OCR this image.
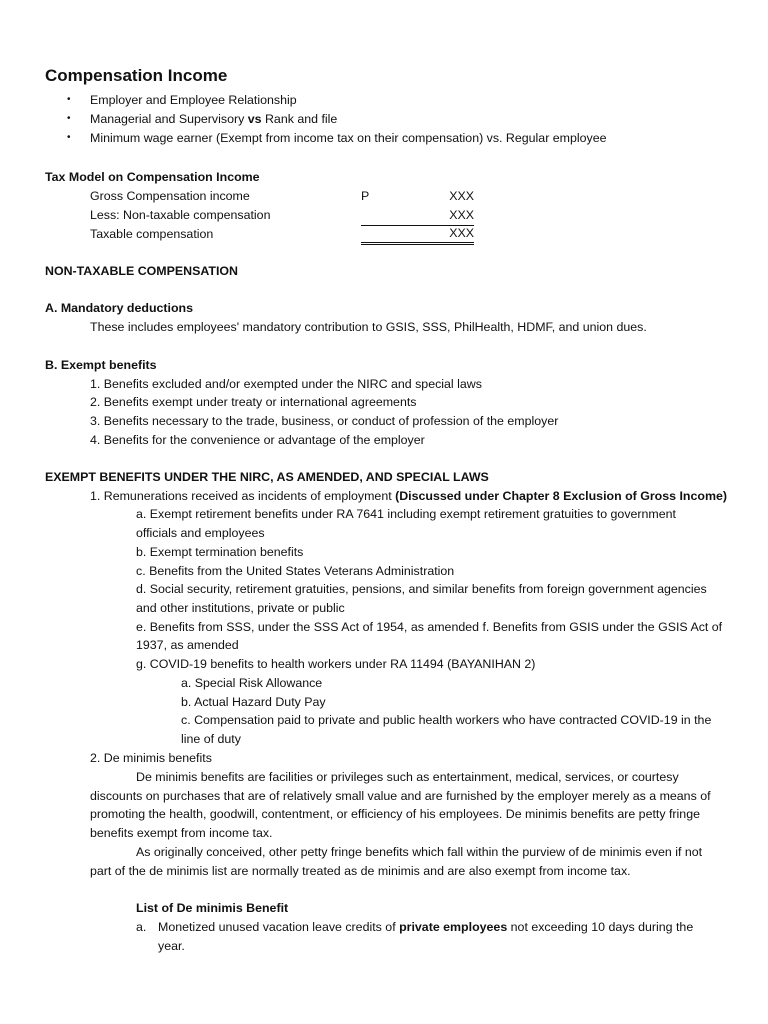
Compensation Income
• Employer and Employee Relationship
• Managerial and Supervisory vs Rank and file
• Minimum wage earner (Exempt from income tax on their compensation) vs. Regular employee
Tax Model on Compensation Income
Gross Compensation income	P	XXX
Less: Non-taxable compensation	XXX
Taxable compensation	XXX
NON-TAXABLE COMPENSATION
A. Mandatory deductions
These includes employees' mandatory contribution to GSIS, SSS, PhilHealth, HDMF, and union dues.
B. Exempt benefits
1. Benefits excluded and/or exempted under the NIRC and special laws
2. Benefits exempt under treaty or international agreements
3. Benefits necessary to the trade, business, or conduct of profession of the employer
4. Benefits for the convenience or advantage of the employer
EXEMPT BENEFITS UNDER THE NIRC, AS AMENDED, AND SPECIAL LAWS
1. Remunerations received as incidents of employment (Discussed under Chapter 8 Exclusion of Gross Income)
a. Exempt retirement benefits under RA 7641 including exempt retirement gratuities to government
officials and employees
b. Exempt termination benefits
c. Benefits from the United States Veterans Administration
d. Social security, retirement gratuities, pensions, and similar benefits from foreign government agencies
and other institutions, private or public
e. Benefits from SSS, under the SSS Act of 1954, as amended f. Benefits from GSIS under the GSIS Act of
1937, as amended
g. COVID-19 benefits to health workers under RA 11494 (BAYANIHAN 2)
a. Special Risk Allowance
b. Actual Hazard Duty Pay
c. Compensation paid to private and public health workers who have contracted COVID-19 in the
line of duty
2. De minimis benefits
De minimis benefits are facilities or privileges such as entertainment, medical, services, or courtesy discounts on purchases that are of relatively small value and are furnished by the employer merely as a means of promoting the health, goodwill, contentment, or efficiency of his employees. De minimis benefits are petty fringe benefits exempt from income tax.
As originally conceived, other petty fringe benefits which fall within the purview of de minimis even if not part of the de minimis list are normally treated as de minimis and are also exempt from income tax.
List of De minimis Benefit
a. Monetized unused vacation leave credits of private employees not exceeding 10 days during the year.
